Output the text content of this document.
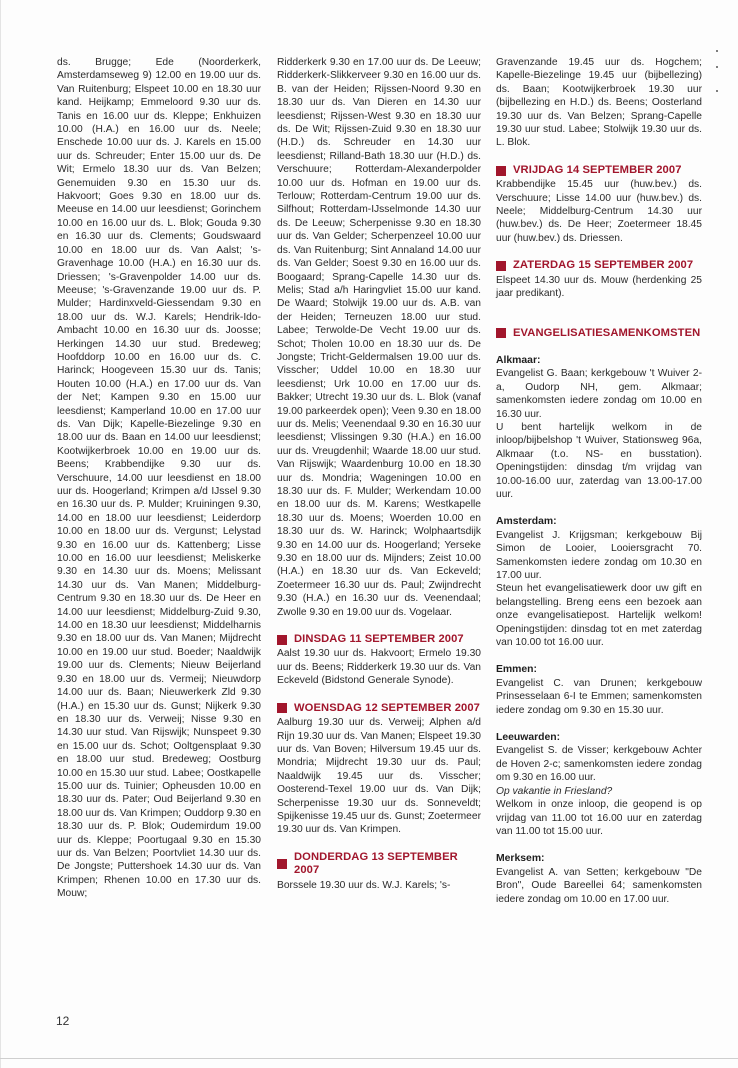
ds. Brugge; Ede (Noorderkerk, Amsterdamseweg 9) 12.00 en 19.00 uur ds. Van Ruitenburg; Elspeet 10.00 en 18.30 uur kand. Heijkamp; Emmeloord 9.30 uur ds. Tanis en 16.00 uur ds. Kleppe; Enkhuizen 10.00 (H.A.) en 16.00 uur ds. Neele; Enschede 10.00 uur ds. J. Karels en 15.00 uur ds. Schreuder; Enter 15.00 uur ds. De Wit; Ermelo 18.30 uur ds. Van Belzen; Genemuiden 9.30 en 15.30 uur ds. Hakvoort; Goes 9.30 en 18.00 uur ds. Meeuse en 14.00 uur leesdienst; Gorinchem 10.00 en 16.00 uur ds. L. Blok; Gouda 9.30 en 16.30 uur ds. Clements; Goudswaard 10.00 en 18.00 uur ds. Van Aalst; 's-Gravenhage 10.00 (H.A.) en 16.30 uur ds. Driessen; 's-Gravenpolder 14.00 uur ds. Meeuse; 's-Gravenzande 19.00 uur ds. P. Mulder; Hardinxveld-Giessendam 9.30 en 18.00 uur ds. W.J. Karels; Hendrik-Ido-Ambacht 10.00 en 16.30 uur ds. Joosse; Herkingen 14.30 uur stud. Bredeweg; Hoofddorp 10.00 en 16.00 uur ds. C. Harinck; Hoogeveen 15.30 uur ds. Tanis; Houten 10.00 (H.A.) en 17.00 uur ds. Van der Net; Kampen 9.30 en 15.00 uur leesdienst; Kamperland 10.00 en 17.00 uur ds. Van Dijk; Kapelle-Biezelinge 9.30 en 18.00 uur ds. Baan en 14.00 uur leesdienst; Kootwijkerbroek 10.00 en 19.00 uur ds. Beens; Krabbendijke 9.30 uur ds. Verschuure, 14.00 uur leesdienst en 18.00 uur ds. Hoogerland; Krimpen a/d IJssel 9.30 en 16.30 uur ds. P. Mulder; Kruiningen 9.30, 14.00 en 18.00 uur leesdienst; Leiderdorp 10.00 en 18.00 uur ds. Vergunst; Lelystad 9.30 en 16.00 uur ds. Kattenberg; Lisse 10.00 en 16.00 uur leesdienst; Meliskerke 9.30 en 14.30 uur ds. Moens; Melissant 14.30 uur ds. Van Manen; Middelburg-Centrum 9.30 en 18.30 uur ds. De Heer en 14.00 uur leesdienst; Middelburg-Zuid 9.30, 14.00 en 18.30 uur leesdienst; Middelharnis 9.30 en 18.00 uur ds. Van Manen; Mijdrecht 10.00 en 19.00 uur stud. Boeder; Naaldwijk 19.00 uur ds. Clements; Nieuw Beijerland 9.30 en 18.00 uur ds. Vermeij; Nieuwdorp 14.00 uur ds. Baan; Nieuwerkerk Zld 9.30 (H.A.) en 15.30 uur ds. Gunst; Nijkerk 9.30 en 18.30 uur ds. Verweij; Nisse 9.30 en 14.30 uur stud. Van Rijswijk; Nunspeet 9.30 en 15.00 uur ds. Schot; Ooltgensplaat 9.30 en 18.00 uur stud. Bredeweg; Oostburg 10.00 en 15.30 uur stud. Labee; Oostkapelle 15.00 uur ds. Tuinier; Opheusden 10.00 en 18.30 uur ds. Pater; Oud Beijerland 9.30 en 18.00 uur ds. Van Krimpen; Ouddorp 9.30 en 18.30 uur ds. P. Blok; Oudemirdum 19.00 uur ds. Kleppe; Poortugaal 9.30 en 15.30 uur ds. Van Belzen; Poortvliet 14.30 uur ds. De Jongste; Puttershoek 14.30 uur ds. Van Krimpen; Rhenen 10.00 en 17.30 uur ds. Mouw;

Ridderkerk 9.30 en 17.00 uur ds. De Leeuw; Ridderkerk-Slikkerveer 9.30 en 16.00 uur ds. B. van der Heiden; Rijssen-Noord 9.30 en 18.30 uur ds. Van Dieren en 14.30 uur leesdienst; Rijssen-West 9.30 en 18.30 uur ds. De Wit; Rijssen-Zuid 9.30 en 18.30 uur (H.D.) ds. Schreuder en 14.30 uur leesdienst; Rilland-Bath 18.30 uur (H.D.) ds. Verschuure; Rotterdam-Alexanderpolder 10.00 uur ds. Hofman en 19.00 uur ds. Terlouw; Rotterdam-Centrum 19.00 uur ds. Silfhout; Rotterdam-IJsselmonde 14.30 uur ds. De Leeuw; Scherpenisse 9.30 en 18.30 uur ds. Van Gelder; Scherpenzeel 10.00 uur ds. Van Ruitenburg; Sint Annaland 14.00 uur ds. Van Gelder; Soest 9.30 en 16.00 uur ds. Boogaard; Sprang-Capelle 14.30 uur ds. Melis; Stad a/h Haringvliet 15.00 uur kand. De Waard; Stolwijk 19.00 uur ds. A.B. van der Heiden; Terneuzen 18.00 uur stud. Labee; Terwolde-De Vecht 19.00 uur ds. Schot; Tholen 10.00 en 18.30 uur ds. De Jongste; Tricht-Geldermalsen 19.00 uur ds. Visscher; Uddel 10.00 en 18.30 uur leesdienst; Urk 10.00 en 17.00 uur ds. Bakker; Utrecht 19.30 uur ds. L. Blok (vanaf 19.00 parkeerdek open); Veen 9.30 en 18.00 uur ds. Melis; Veenendaal 9.30 en 16.30 uur leesdienst; Vlissingen 9.30 (H.A.) en 16.00 uur ds. Vreugdenhil; Waarde 18.00 uur stud. Van Rijswijk; Waardenburg 10.00 en 18.30 uur ds. Mondria; Wageningen 10.00 en 18.30 uur ds. F. Mulder; Werkendam 10.00 en 18.00 uur ds. M. Karens; Westkapelle 18.30 uur ds. Moens; Woerden 10.00 en 18.30 uur ds. W. Harinck; Wolphaartsdijk 9.30 en 14.00 uur ds. Hoogerland; Yerseke 9.30 en 18.00 uur ds. Mijnders; Zeist 10.00 (H.A.) en 18.30 uur ds. Van Eckeveld; Zoetermeer 16.30 uur ds. Paul; Zwijndrecht 9.30 (H.A.) en 16.30 uur ds. Veenendaal; Zwolle 9.30 en 19.00 uur ds. Vogelaar.

DINSDAG 11 SEPTEMBER 2007

Aalst 19.30 uur ds. Hakvoort; Ermelo 19.30 uur ds. Beens; Ridderkerk 19.30 uur ds. Van Eckeveld (Bidstond Generale Synode).

WOENSDAG 12 SEPTEMBER 2007

Aalburg 19.30 uur ds. Verweij; Alphen a/d Rijn 19.30 uur ds. Van Manen; Elspeet 19.30 uur ds. Van Boven; Hilversum 19.45 uur ds. Mondria; Mijdrecht 19.30 uur ds. Paul; Naaldwijk 19.45 uur ds. Visscher; Oosterend-Texel 19.00 uur ds. Van Dijk; Scherpenisse 19.30 uur ds. Sonneveldt; Spijkenisse 19.45 uur ds. Gunst; Zoetermeer 19.30 uur ds. Van Krimpen.

DONDERDAG 13 SEPTEMBER 2007

Borssele 19.30 uur ds. W.J. Karels; 's-

Gravenzande 19.45 uur ds. Hogchem; Kapelle-Biezelinge 19.45 uur (bijbellezing) ds. Baan; Kootwijkerbroek 19.30 uur (bijbellezing en H.D.) ds. Beens; Oosterland 19.30 uur ds. Van Belzen; Sprang-Capelle 19.30 uur stud. Labee; Stolwijk 19.30 uur ds. L. Blok.

VRIJDAG 14 SEPTEMBER 2007

Krabbendijke 15.45 uur (huw.bev.) ds. Verschuure; Lisse 14.00 uur (huw.bev.) ds. Neele; Middelburg-Centrum 14.30 uur (huw.bev.) ds. De Heer; Zoetermeer 18.45 uur (huw.bev.) ds. Driessen.

ZATERDAG 15 SEPTEMBER 2007

Elspeet 14.30 uur ds. Mouw (herdenking 25 jaar predikant).

EVANGELISATIESAMENKOMSTEN
Alkmaar:

Evangelist G. Baan; kerkgebouw 't Wuiver 2-a, Oudorp NH, gem. Alkmaar; samenkomsten iedere zondag om 10.00 en 16.30 uur.

U bent hartelijk welkom in de inloop/bijbelshop 't Wuiver, Stationsweg 96a, Alkmaar (t.o. NS- en busstation). Openingstijden: dinsdag t/m vrijdag van 10.00-16.00 uur, zaterdag van 13.00-17.00 uur.

Amsterdam:

Evangelist J. Krijgsman; kerkgebouw Bij Simon de Looier, Looiersgracht 70. Samenkomsten iedere zondag om 10.30 en 17.00 uur.

Steun het evangelisatiewerk door uw gift en belangstelling. Breng eens een bezoek aan onze evangelisatiepost. Hartelijk welkom! Openingstijden: dinsdag tot en met zaterdag van 10.00 tot 16.00 uur.

Emmen:

Evangelist C. van Drunen; kerkgebouw Prinsesselaan 6-I te Emmen; samenkomsten iedere zondag om 9.30 en 15.30 uur.

Leeuwarden:

Evangelist S. de Visser; kerkgebouw Achter de Hoven 2-c; samenkomsten iedere zondag om 9.30 en 16.00 uur.

Op vakantie in Friesland?

Welkom in onze inloop, die geopend is op vrijdag van 11.00 tot 16.00 uur en zaterdag van 11.00 tot 15.00 uur.

Merksem:

Evangelist A. van Setten; kerkgebouw "De Bron", Oude Bareellei 64; samenkomsten iedere zondag om 10.00 en 17.00 uur.

12
